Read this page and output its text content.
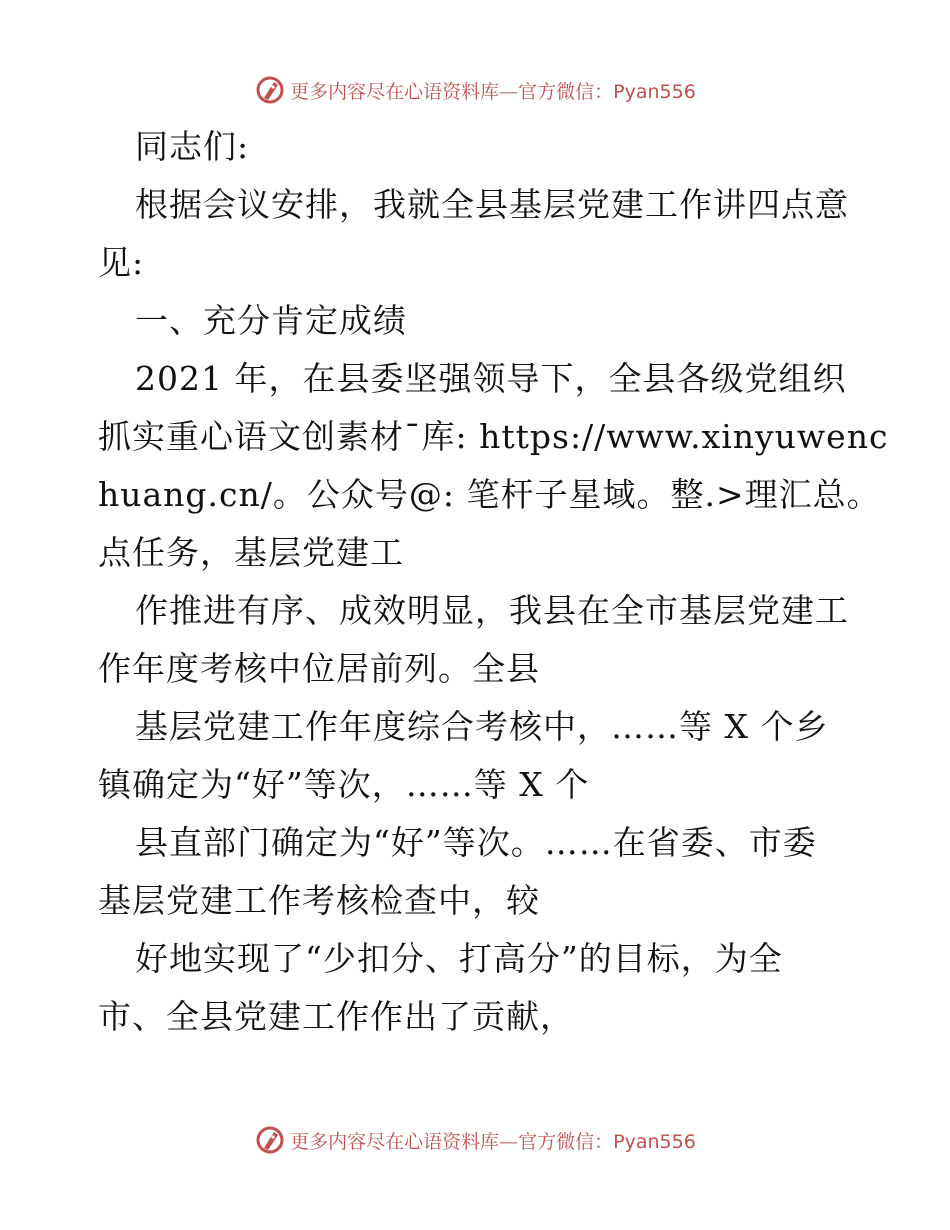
更多内容尽在心语资料库—官方微信：Pyan556

同志们:

根据会议安排，我就全县基层党建工作讲四点意

见:

一、充分肯定成绩

2021 年，在县委坚强领导下，全县各级党组织

抓实重心语文创素材¯库: https://www.xinyuwenc

huang.cn/。公众号@: 笔杆子星域。整.>理汇总。

点任务，基层党建工

作推进有序、成效明显，我县在全市基层党建工

作年度考核中位居前列。全县

基层党建工作年度综合考核中，……等 X 个乡

镇确定为“好”等次，……等 X 个

县直部门确定为“好”等次。……在省委、市委

基层党建工作考核检查中，较

好地实现了“少扣分、打高分”的目标，为全

市、全县党建工作作出了贡献，

更多内容尽在心语资料库—官方微信：Pyan556
